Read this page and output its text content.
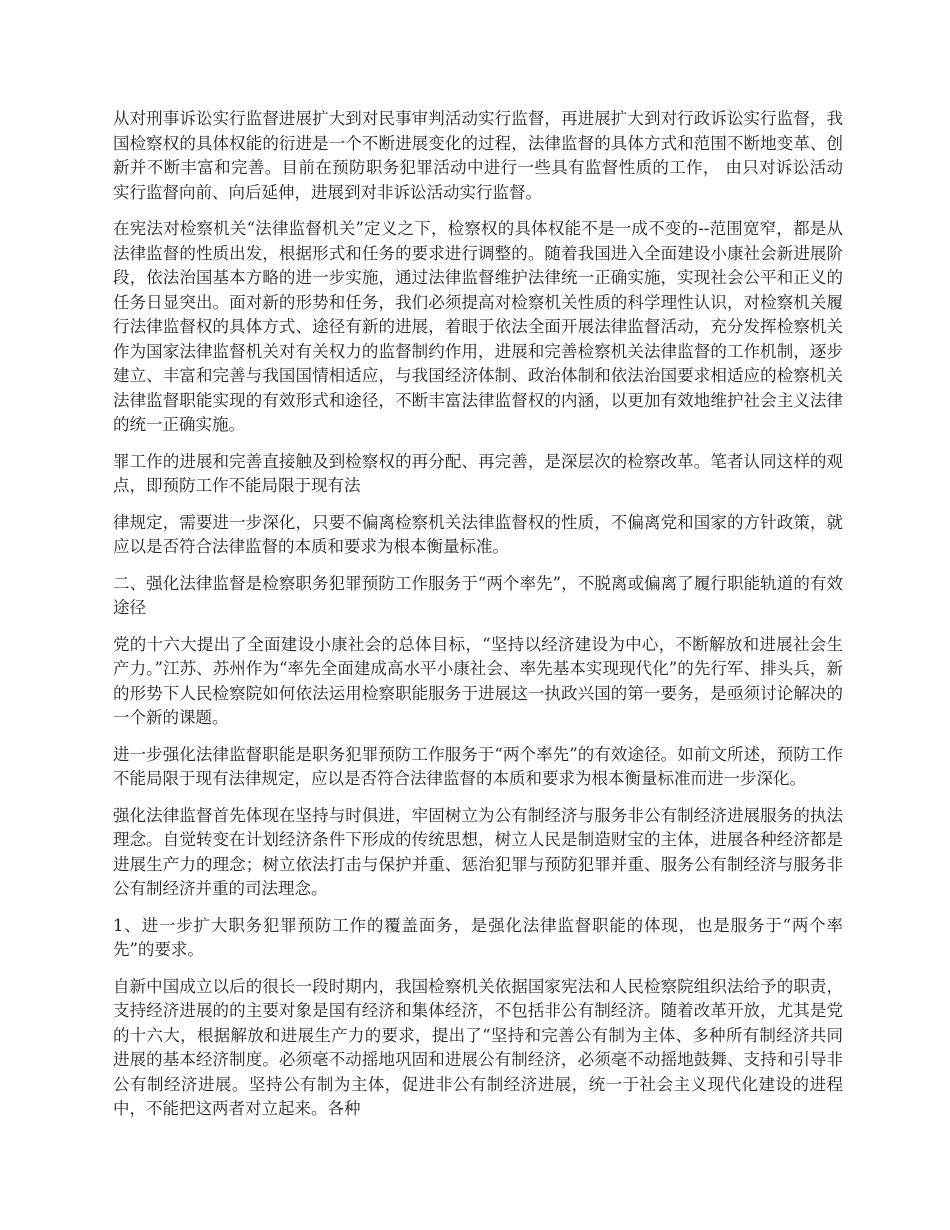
从对刑事诉讼实行监督进展扩大到对民事审判活动实行监督，再进展扩大到对行政诉讼实行监督，我国检察权的具体权能的衍进是一个不断进展变化的过程，法律监督的具体方式和范围不断地变革、创新并不断丰富和完善。目前在预防职务犯罪活动中进行一些具有监督性质的工作， 由只对诉讼活动实行监督向前、向后延伸，进展到对非诉讼活动实行监督。

在宪法对检察机关“法律监督机关”定义之下，检察权的具体权能不是一成不变的--范围宽窄，都是从法律监督的性质出发，根据形式和任务的要求进行调整的。随着我国进入全面建设小康社会新进展阶段，依法治国基本方略的进一步实施，通过法律监督维护法律统一正确实施，实现社会公平和正义的任务日显突出。面对新的形势和任务，我们必须提高对检察机关性质的科学理性认识，对检察机关履行法律监督权的具体方式、途径有新的进展，着眼于依法全面开展法律监督活动，充分发挥检察机关作为国家法律监督机关对有关权力的监督制约作用，进展和完善检察机关法律监督的工作机制，逐步建立、丰富和完善与我国国情相适应，与我国经济体制、政治体制和依法治国要求相适应的检察机关法律监督职能实现的有效形式和途径，不断丰富法律监督权的内涵，以更加有效地维护社会主义法律的统一正确实施。

罪工作的进展和完善直接触及到检察权的再分配、再完善，是深层次的检察改革。笔者认同这样的观点，即预防工作不能局限于现有法

律规定，需要进一步深化，只要不偏离检察机关法律监督权的性质，不偏离党和国家的方针政策，就应以是否符合法律监督的本质和要求为根本衡量标准。

二、强化法律监督是检察职务犯罪预防工作服务于“两个率先”，不脱离或偏离了履行职能轨道的有效途径

党的十六大提出了全面建设小康社会的总体目标，“坚持以经济建设为中心，不断解放和进展社会生产力。”江苏、苏州作为“率先全面建成高水平小康社会、率先基本实现现代化”的先行军、排头兵，新的形势下人民检察院如何依法运用检察职能服务于进展这一执政兴国的第一要务，是亟须讨论解决的一个新的课题。

进一步强化法律监督职能是职务犯罪预防工作服务于“两个率先”的有效途径。如前文所述，预防工作不能局限于现有法律规定，应以是否符合法律监督的本质和要求为根本衡量标准而进一步深化。

强化法律监督首先体现在坚持与时俱进，牢固树立为公有制经济与服务非公有制经济进展服务的执法理念。自觉转变在计划经济条件下形成的传统思想，树立人民是制造财宝的主体，进展各种经济都是进展生产力的理念；树立依法打击与保护并重、惩治犯罪与预防犯罪并重、服务公有制经济与服务非公有制经济并重的司法理念。

1、进一步扩大职务犯罪预防工作的覆盖面务，是强化法律监督职能的体现，也是服务于“两个率先”的要求。

自新中国成立以后的很长一段时期内，我国检察机关依据国家宪法和人民检察院组织法给予的职责，支持经济进展的的主要对象是国有经济和集体经济，不包括非公有制经济。随着改革开放，尤其是党的十六大，根据解放和进展生产力的要求，提出了“坚持和完善公有制为主体、多种所有制经济共同进展的基本经济制度。必须毫不动摇地巩固和进展公有制经济，必须毫不动摇地鼓舞、支持和引导非公有制经济进展。坚持公有制为主体，促进非公有制经济进展，统一于社会主义现代化建设的进程中，不能把这两者对立起来。各种
